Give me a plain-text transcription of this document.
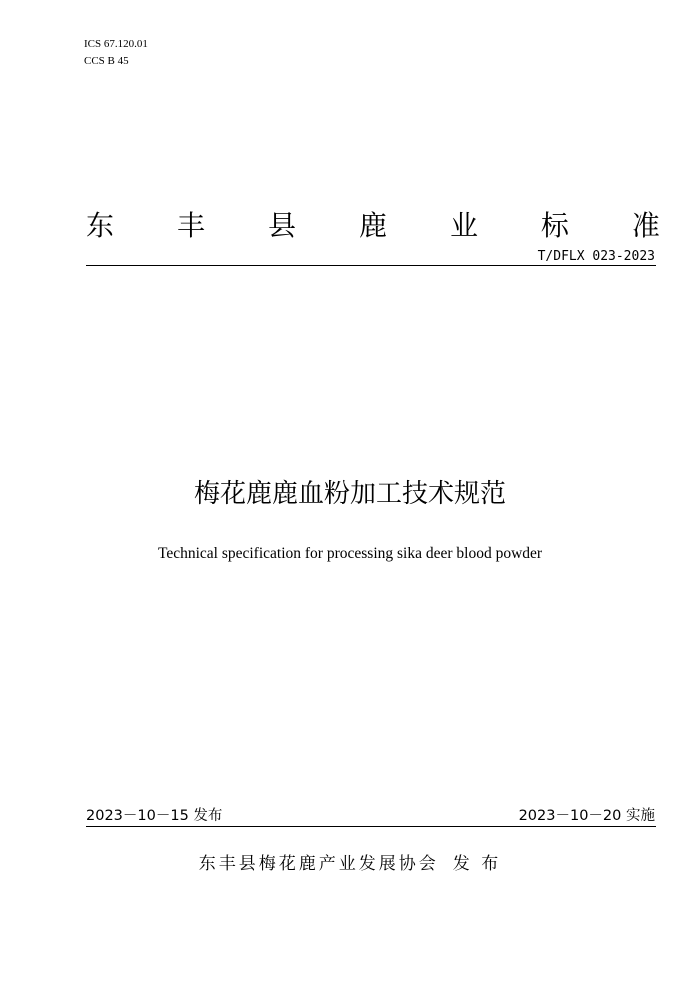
ICS 67.120.01
CCS B 45
东 丰 县 鹿 业 标 准
T/DFLX 023-2023
梅花鹿鹿血粉加工技术规范
Technical specification for processing sika deer blood powder
2023－10－15 发布	2023－10－20 实施
东丰县梅花鹿产业发展协会 发 布
